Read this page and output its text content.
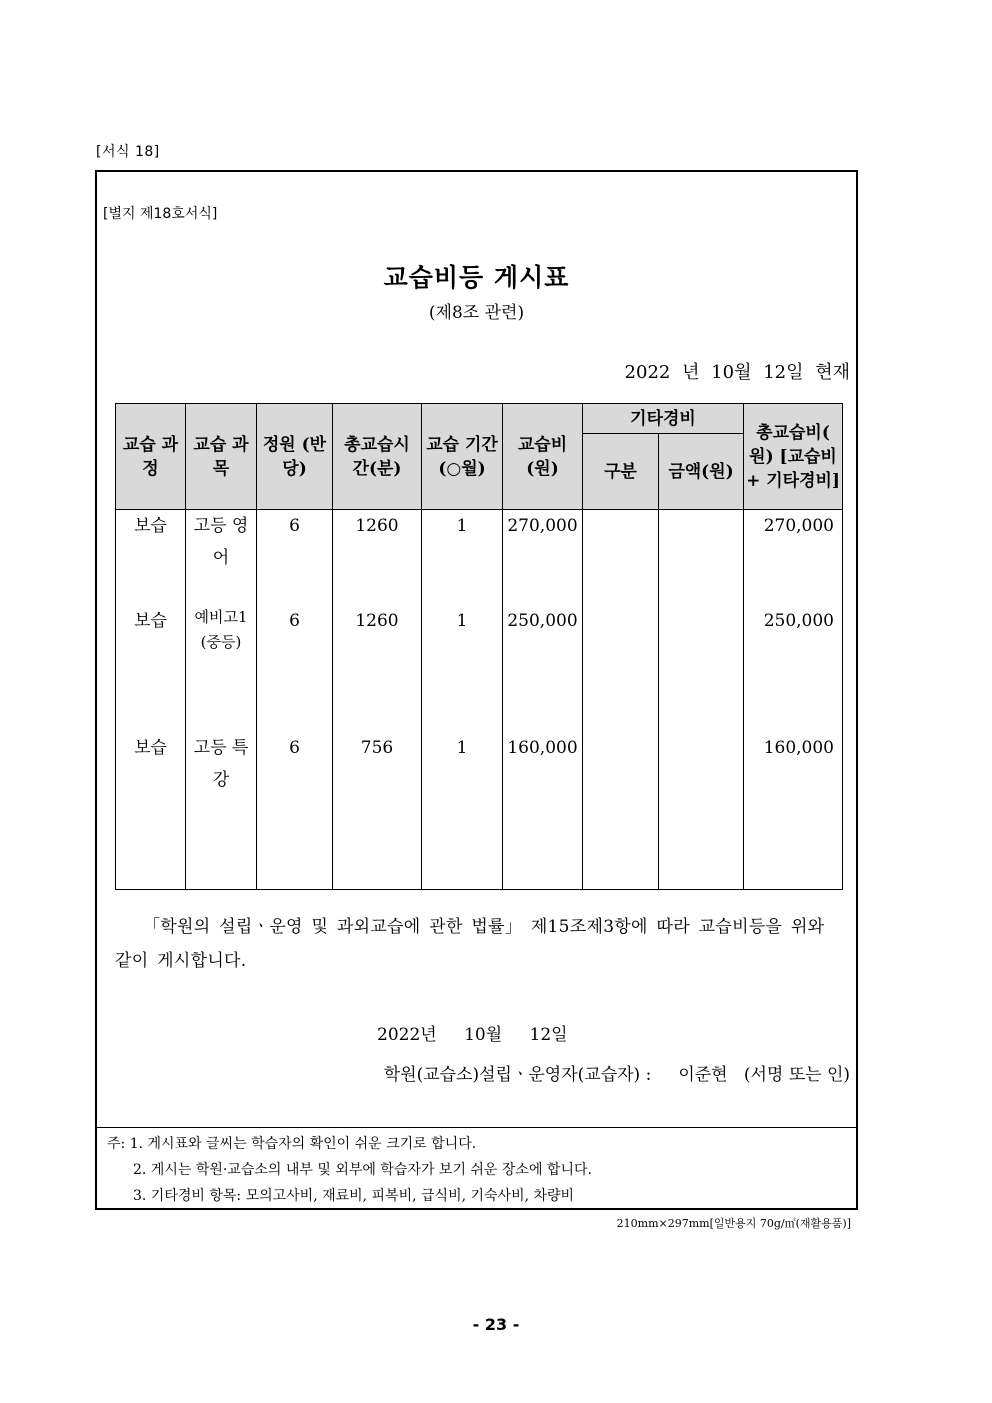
[서식 18]
[별지 제18호서식]
교습비등 게시표
(제8조 관련)
2022 년 10월 12일 현재
교습 과정	교습 과목	정원 (반당)	총교습시 간(분)	교습 기간 (○월)	교습비 (원)	기타경비		총교습비( 원) [교습비+ 기타경비]
						구분	금액(원)	
보습	고등 영어	6	1260	1	270,000			270,000
보습	예비고1 (중등)	6	1260	1	250,000			250,000
보습	고등 특강	6	756	1	160,000			160,000
「학원의 설립ㆍ운영 및 과외교습에 관한 법률」 제15조제3항에 따라 교습비등을 위와 같이 게시합니다.
2022년 10월 12일
학원(교습소)설립ㆍ운영자(교습자) :     이준현   (서명 또는 인)
주: 1. 게시표와 글씨는 학습자의 확인이 쉬운 크기로 합니다.
2. 게시는 학원·교습소의 내부 및 외부에 학습자가 보기 쉬운 장소에 합니다.
3. 기타경비 항목: 모의고사비, 재료비, 피복비, 급식비, 기숙사비, 차량비
210mm×297mm[일반용지 70g/㎡(재활용품)]
- 23 -
